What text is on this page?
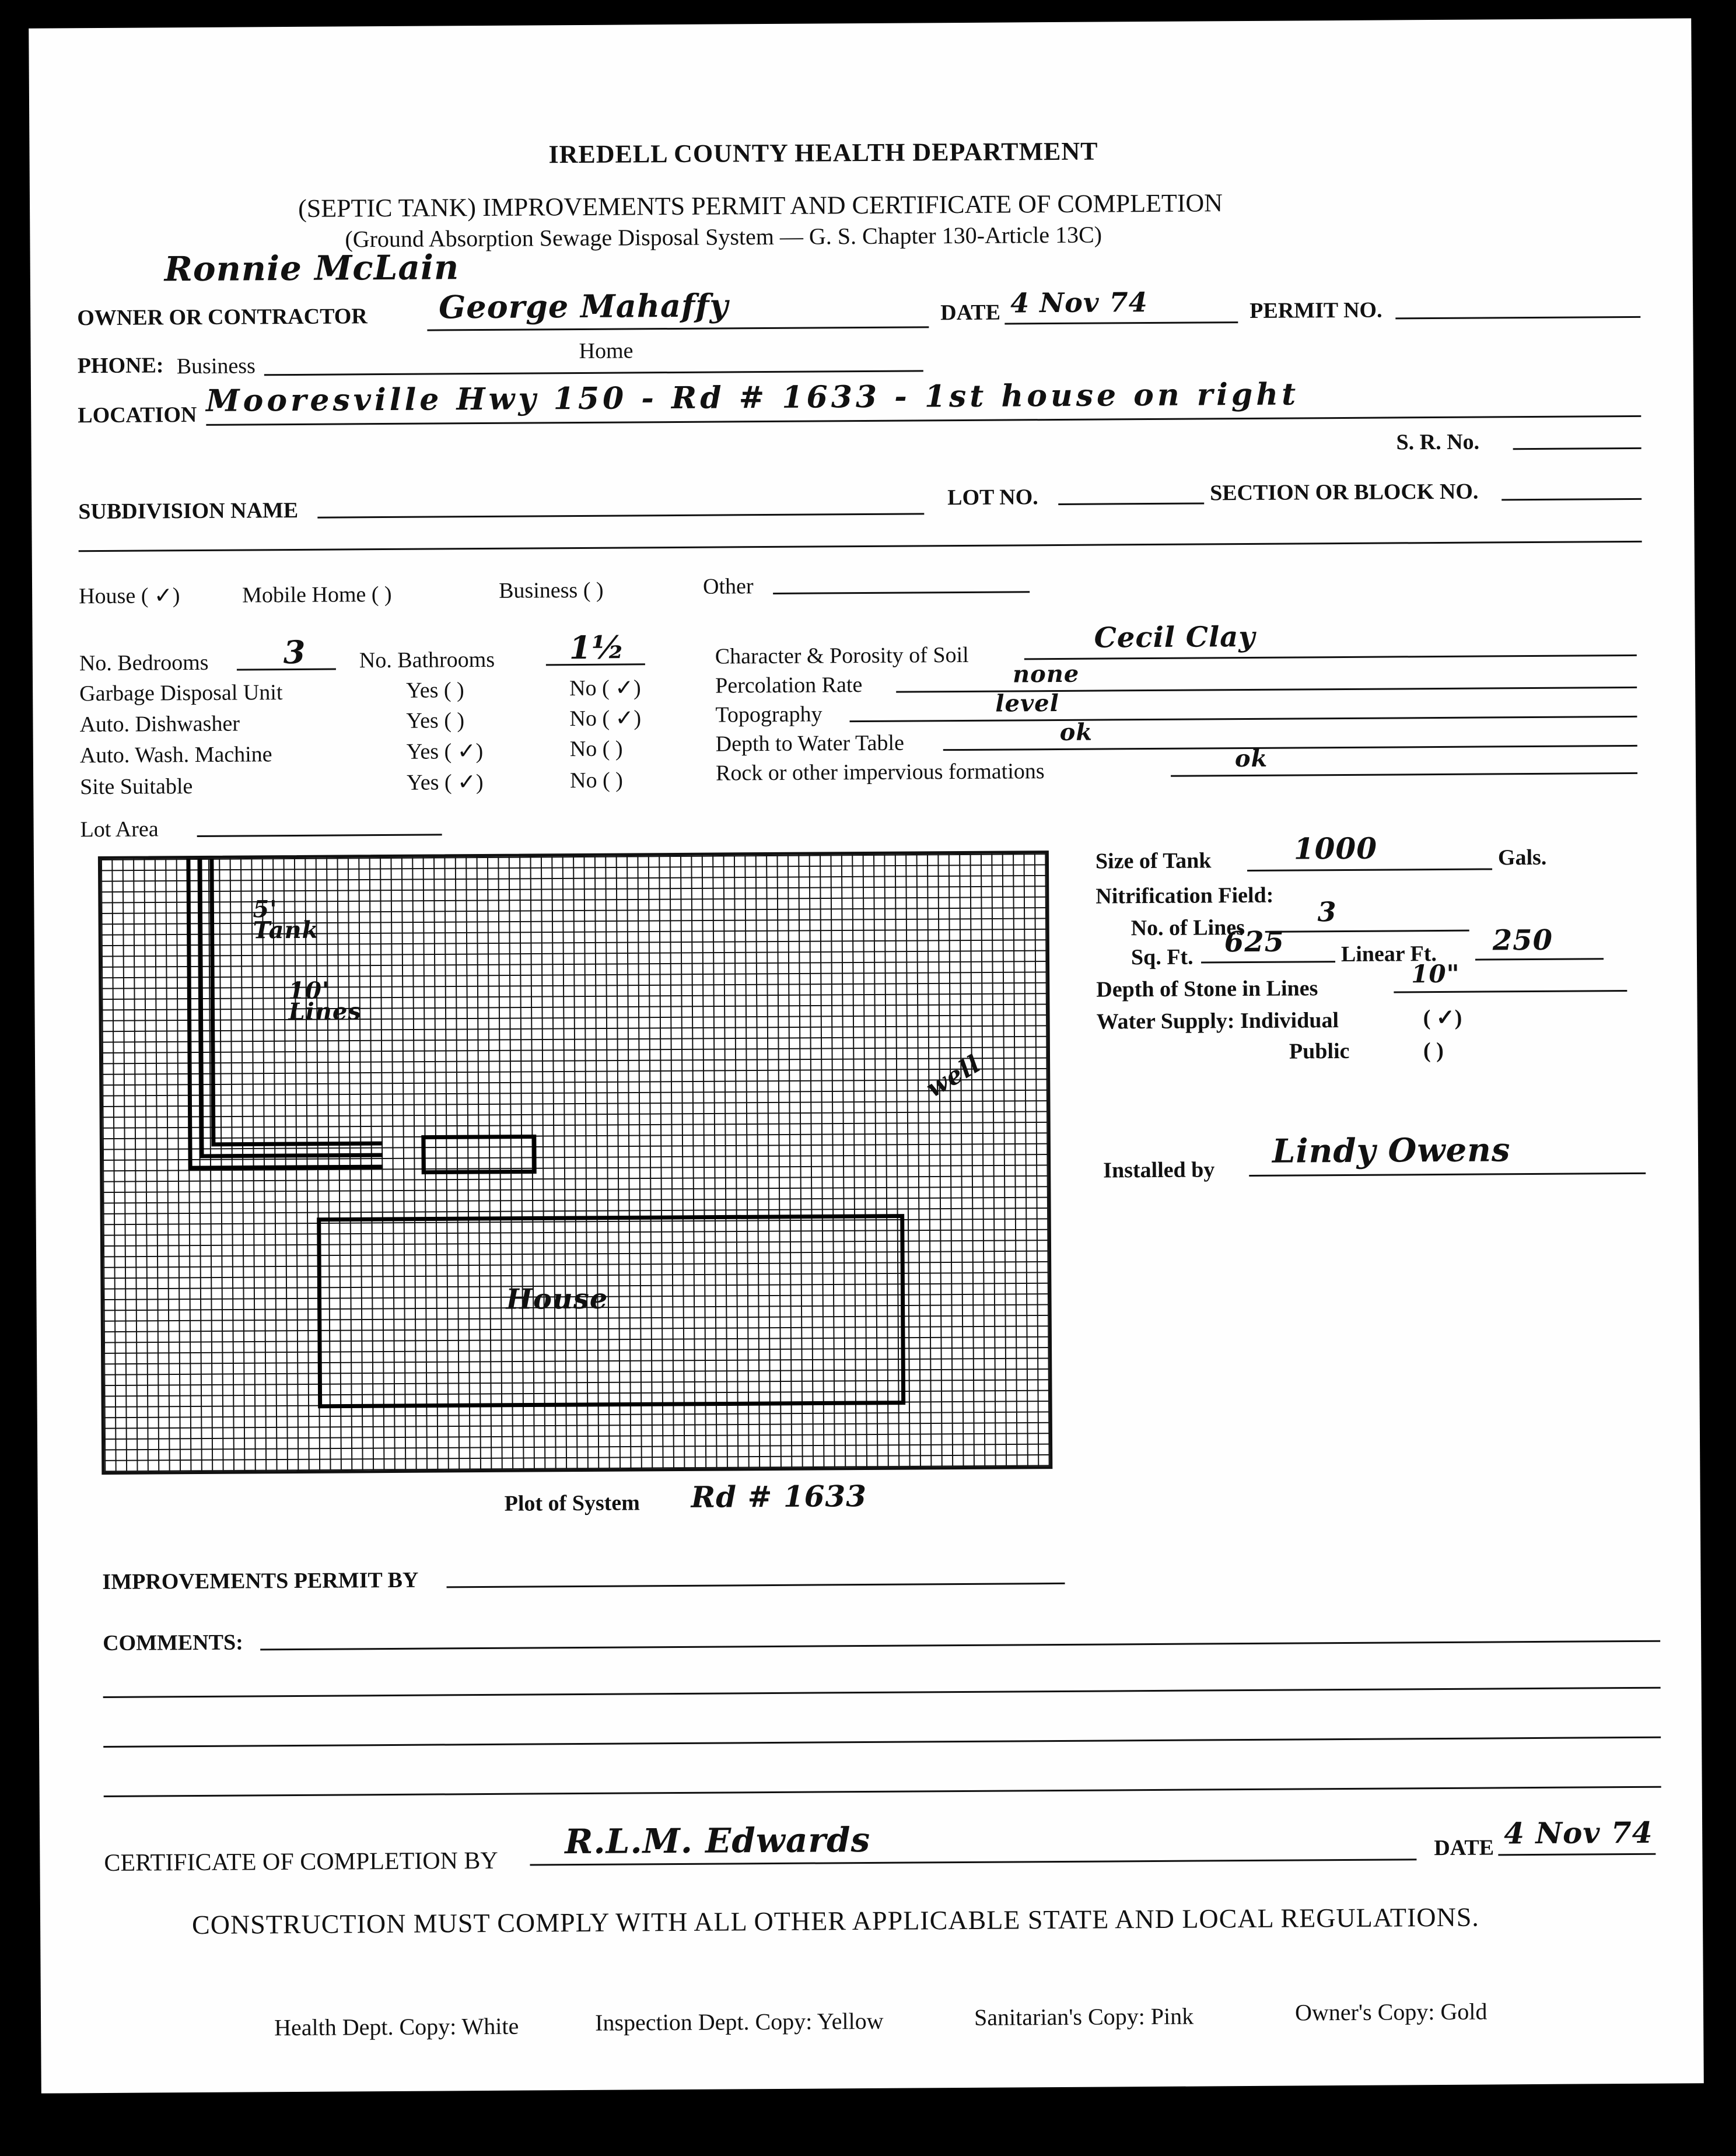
IREDELL COUNTY HEALTH DEPARTMENT
(SEPTIC TANK) IMPROVEMENTS PERMIT AND CERTIFICATE OF COMPLETION
(Ground Absorption Sewage Disposal System — G. S. Chapter 130-Article 13C)
Ronnie McLain
OWNER OR CONTRACTOR George Mahaffy	DATE 4 Nov 74	PERMIT NO.
PHONE: Business
Home
LOCATION Mooresville Hwy 150 - Rd # 1633 - 1st house on right
S. R. No.
SUBDIVISION NAME
LOT NO.	SECTION OR BLOCK NO.
House ( ✓)	Mobile Home ( )	Business ( )	Other
No. Bedrooms 3 No. Bathrooms 1½
Garbage Disposal Unit	Yes ( )	No ( ✓)
Auto. Dishwasher	Yes ( )	No ( ✓)
Auto. Wash. Machine	Yes ( ✓)	No ( )
Site Suitable	Yes ( ✓)	No ( )
Lot Area
Character & Porosity of Soil
Cecil Clay
Percolation Rate	none
Topography	level
Depth to Water Table	ok
Rock or other impervious formations	ok
5'
Tank
10'
Lines
well
House
Plot of System Rd # 1633
Size of Tank	1000	Gals.
Nitrification Field:
No. of Lines
3
Sq. Ft. 625	Linear Ft. 250
Depth of Stone in Lines
10"
Water Supply: Individual	( ✓)
Public	( )
Installed by Lindy Owens
IMPROVEMENTS PERMIT BY
COMMENTS:
CERTIFICATE OF COMPLETION BY
R.L.M. Edwards	DATE 4 Nov 74
CONSTRUCTION MUST COMPLY WITH ALL OTHER APPLICABLE STATE AND LOCAL REGULATIONS.
Health Dept. Copy: White	Inspection Dept. Copy: Yellow	Sanitarian's Copy: Pink	Owner's Copy: Gold
